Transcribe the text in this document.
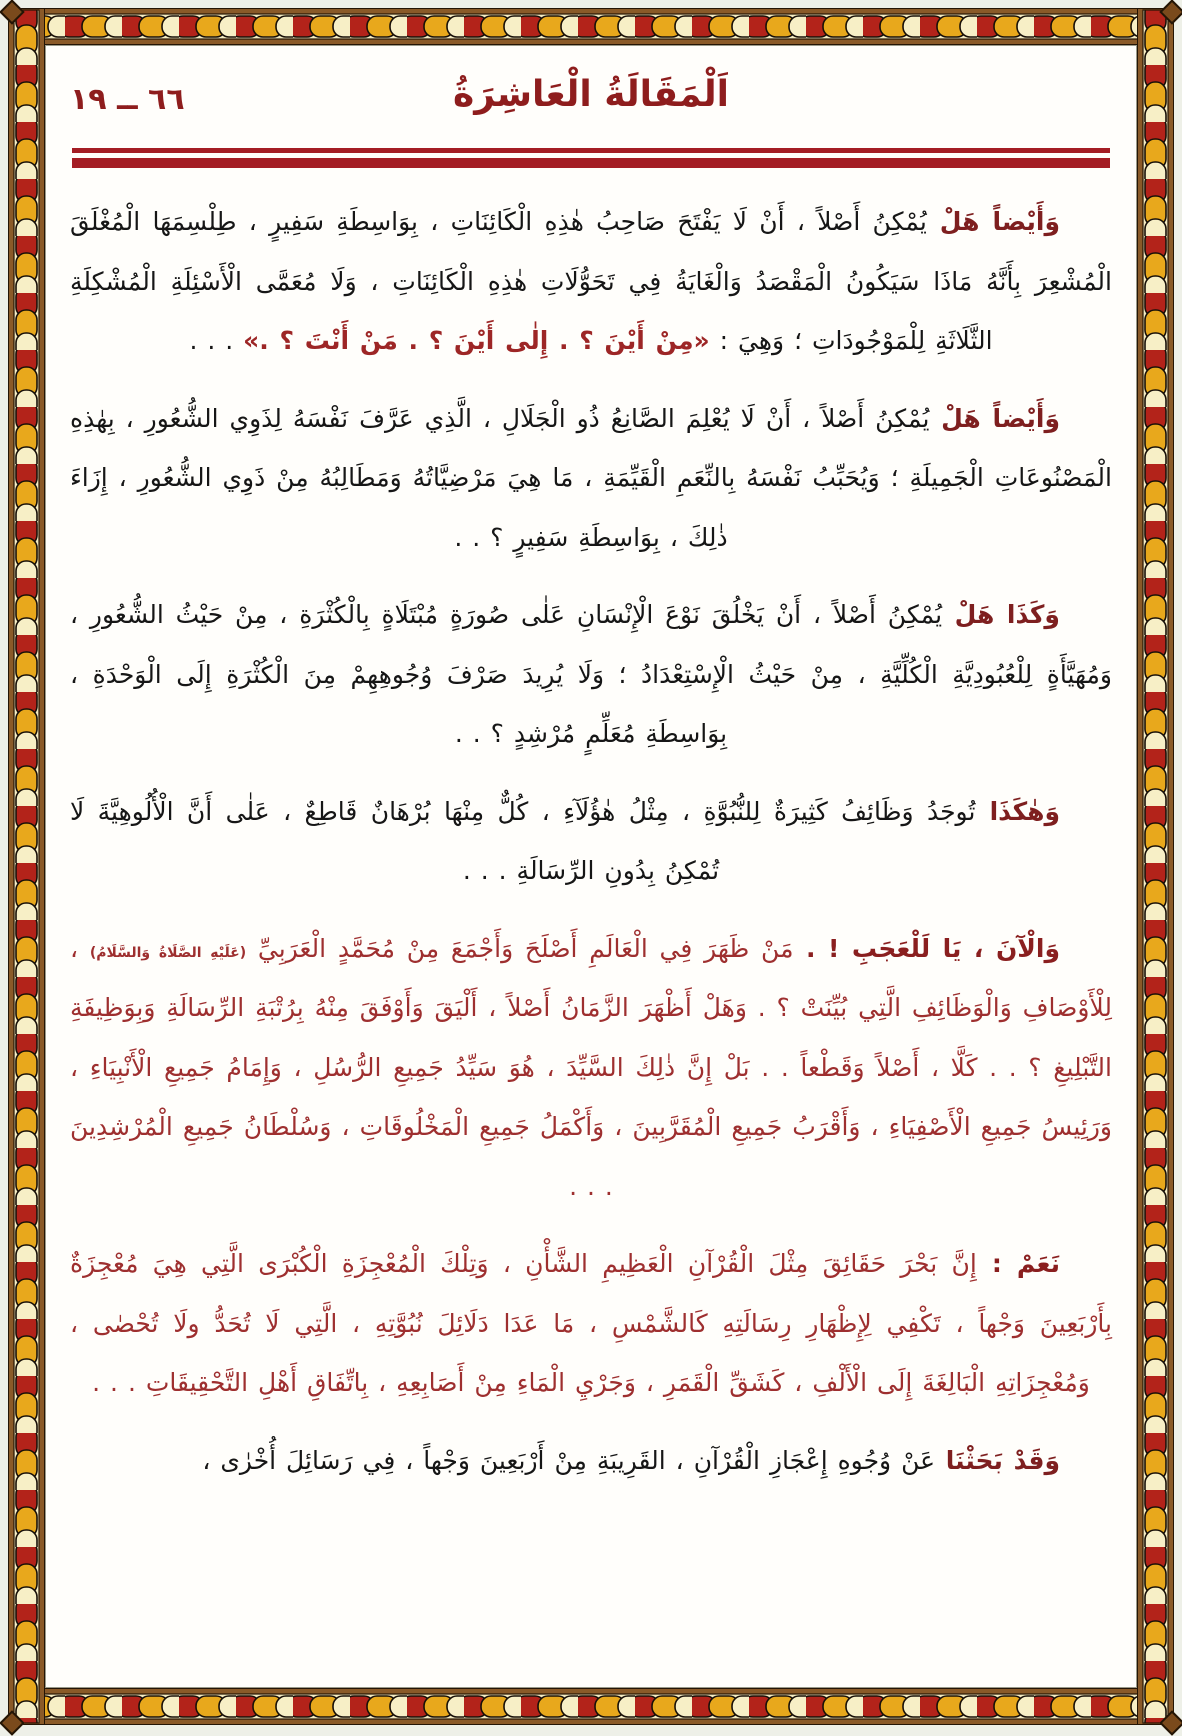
٦٦ ــ ١٩	اَلْمَقَالَةُ الْعَاشِرَةُ

وَأَيْضاً هَلْ يُمْكِنُ أَصْلاً ، أَنْ لَا يَفْتَحَ صَاحِبُ هٰذِهِ الْكَائِنَاتِ ، بِوَاسِطَةِ سَفِيرٍ ، طِلْسِمَهَا الْمُغْلَقَ الْمُشْعِرَ بِأَنَّهُ مَاذَا سَيَكُونُ الْمَقْصَدُ وَالْغَايَةُ فِي تَحَوُّلَاتِ هٰذِهِ الْكَائِنَاتِ ، وَلَا مُعَمَّى الْأَسْئِلَةِ الْمُشْكِلَةِ الثَّلَاثَةِ لِلْمَوْجُودَاتِ ؛ وَهِيَ : «مِنْ أَيْنَ ؟ . إِلٰى أَيْنَ ؟ . مَنْ أَنْتَ ؟ .» . . .

وَأَيْضاً هَلْ يُمْكِنُ أَصْلاً ، أَنْ لَا يُعْلِمَ الصَّانِعُ ذُو الْجَلَالِ ، الَّذِي عَرَّفَ نَفْسَهُ لِذَوِي الشُّعُورِ ، بِهٰذِهِ الْمَصْنُوعَاتِ الْجَمِيلَةِ ؛ وَيُحَبِّبُ نَفْسَهُ بِالنِّعَمِ الْقَيِّمَةِ ، مَا هِيَ مَرْضِيَّاتُهُ وَمَطَالِبُهُ مِنْ ذَوِي الشُّعُورِ ، إِزَاءَ ذٰلِكَ ، بِوَاسِطَةِ سَفِيرٍ ؟ . .

وَكَذَا هَلْ يُمْكِنُ أَصْلاً ، أَنْ يَخْلُقَ نَوْعَ الْإِنْسَانِ عَلٰى صُورَةٍ مُبْتَلَاةٍ بِالْكُثْرَةِ ، مِنْ حَيْثُ الشُّعُورِ ، وَمُهَيَّأَةٍ لِلْعُبُودِيَّةِ الْكُلِّيَّةِ ، مِنْ حَيْثُ الْإِسْتِعْدَادُ ؛ وَلَا يُرِيدَ صَرْفَ وُجُوهِهِمْ مِنَ الْكُثْرَةِ إِلَى الْوَحْدَةِ ، بِوَاسِطَةِ مُعَلِّمٍ مُرْشِدٍ ؟ . .

وَهٰكَذَا تُوجَدُ وَظَائِفُ كَثِيرَةٌ لِلنُّبُوَّةِ ، مِثْلُ هٰؤُلَآءِ ، كُلٌّ مِنْهَا بُرْهَانٌ قَاطِعٌ ، عَلٰى أَنَّ الْأُلُوهِيَّةَ لَا تُمْكِنُ بِدُونِ الرِّسَالَةِ . . .

وَالْآنَ ، يَا لَلْعَجَبِ ! . مَنْ ظَهَرَ فِي الْعَالَمِ أَصْلَحَ وَأَجْمَعَ مِنْ مُحَمَّدٍ الْعَرَبِيِّ (عَلَيْهِ الصَّلَاةُ وَالسَّلَامُ) ، لِلْأَوْصَافِ وَالْوَظَائِفِ الَّتِي بُيِّنَتْ ؟ . وَهَلْ أَظْهَرَ الزَّمَانُ أَصْلاً ، أَلْيَقَ وَأَوْفَقَ مِنْهُ بِرُتْبَةِ الرِّسَالَةِ وَبِوَظِيفَةِ التَّبْلِيغِ ؟ . . كَلَّا ، أَصْلاً وَقَطْعاً . . بَلْ إِنَّ ذٰلِكَ السَّيِّدَ ، هُوَ سَيِّدُ جَمِيعِ الرُّسُلِ ، وَإِمَامُ جَمِيعِ الْأَنْبِيَاءِ ، وَرَئِيسُ جَمِيعِ الْأَصْفِيَاءِ ، وَأَقْرَبُ جَمِيعِ الْمُقَرَّبِينَ ، وَأَكْمَلُ جَمِيعِ الْمَخْلُوقَاتِ ، وَسُلْطَانُ جَمِيعِ الْمُرْشِدِينَ . . .

نَعَمْ : إِنَّ بَحْرَ حَقَائِقَ مِثْلَ الْقُرْآنِ الْعَظِيمِ الشَّأْنِ ، وَتِلْكَ الْمُعْجِزَةِ الْكُبْرَى الَّتِي هِيَ مُعْجِزَةٌ بِأَرْبَعِينَ وَجْهاً ، تَكْفِي لِإِظْهَارِ رِسَالَتِهِ كَالشَّمْسِ ، مَا عَدَا دَلَائِلَ نُبُوَّتِهِ ، الَّتِي لَا تُحَدُّ ولَا تُحْصٰى ، وَمُعْجِزَاتِهِ الْبَالِغَةَ إِلَى الْأَلْفِ ، كَشَقِّ الْقَمَرِ ، وَجَرْيِ الْمَاءِ مِنْ أَصَابِعِهِ ، بِاتِّفَاقِ أَهْلِ التَّحْقِيقَاتِ . . .

وَقَدْ بَحَثْنَا عَنْ وُجُوهِ إِعْجَازِ الْقُرْآنِ ، القَرِيبَةِ مِنْ أَرْبَعِينَ وَجْهاً ، فِي رَسَائِلَ أُخْرٰى ،
